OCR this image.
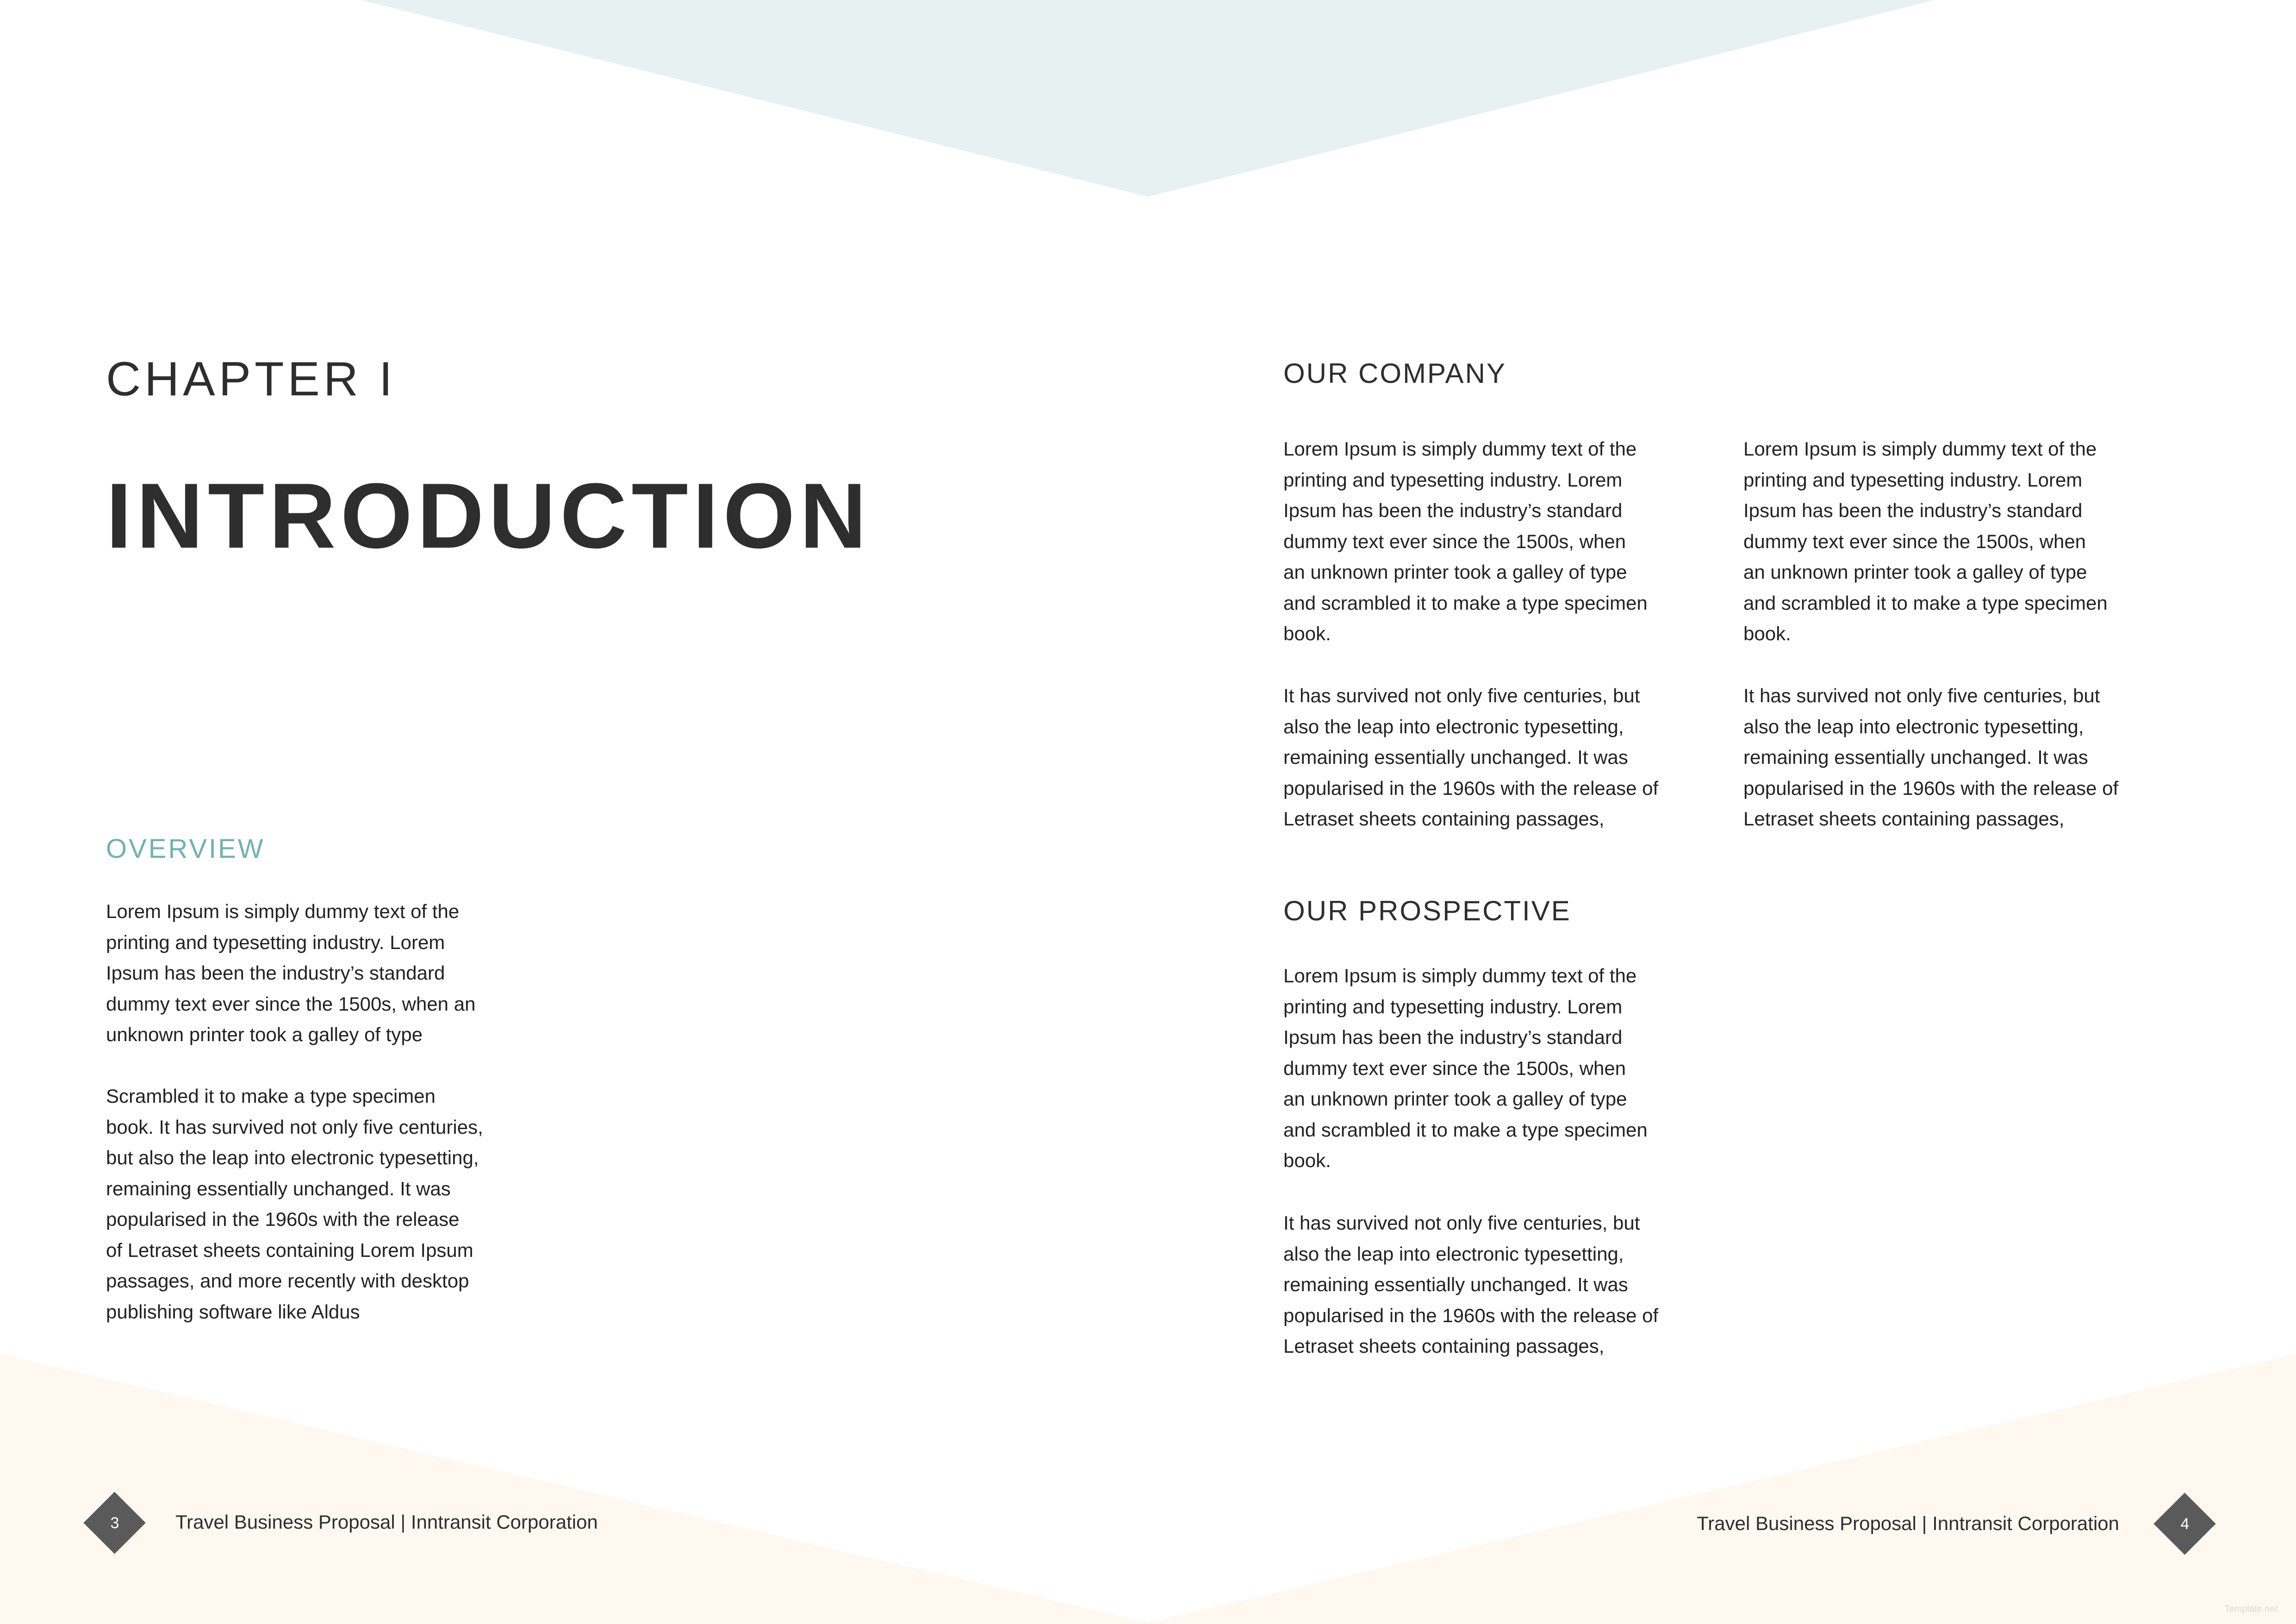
CHAPTER I
INTRODUCTION
OVERVIEW

Lorem Ipsum is simply dummy text of the
printing and typesetting industry. Lorem
Ipsum has been the industry’s standard
dummy text ever since the 1500s, when an
unknown printer took a galley of type

Scrambled it to make a type specimen
book. It has survived not only five centuries,
but also the leap into electronic typesetting,
remaining essentially unchanged. It was
popularised in the 1960s with the release
of Letraset sheets containing Lorem Ipsum
passages, and more recently with desktop
publishing software like Aldus

3	Travel Business Proposal | Inntransit Corporation
OUR COMPANY

Lorem Ipsum is simply dummy text of the
printing and typesetting industry. Lorem
Ipsum has been the industry’s standard
dummy text ever since the 1500s, when
an unknown printer took a galley of type
and scrambled it to make a type specimen
book.

It has survived not only five centuries, but
also the leap into electronic typesetting,
remaining essentially unchanged. It was
popularised in the 1960s with the release of
Letraset sheets containing passages,

Lorem Ipsum is simply dummy text of the
printing and typesetting industry. Lorem
Ipsum has been the industry’s standard
dummy text ever since the 1500s, when
an unknown printer took a galley of type
and scrambled it to make a type specimen
book.

It has survived not only five centuries, but
also the leap into electronic typesetting,
remaining essentially unchanged. It was
popularised in the 1960s with the release of
Letraset sheets containing passages,

OUR PROSPECTIVE

Lorem Ipsum is simply dummy text of the
printing and typesetting industry. Lorem
Ipsum has been the industry’s standard
dummy text ever since the 1500s, when
an unknown printer took a galley of type
and scrambled it to make a type specimen
book.

It has survived not only five centuries, but
also the leap into electronic typesetting,
remaining essentially unchanged. It was
popularised in the 1960s with the release of
Letraset sheets containing passages,

Travel Business Proposal | Inntransit Corporation	4
Template.net
